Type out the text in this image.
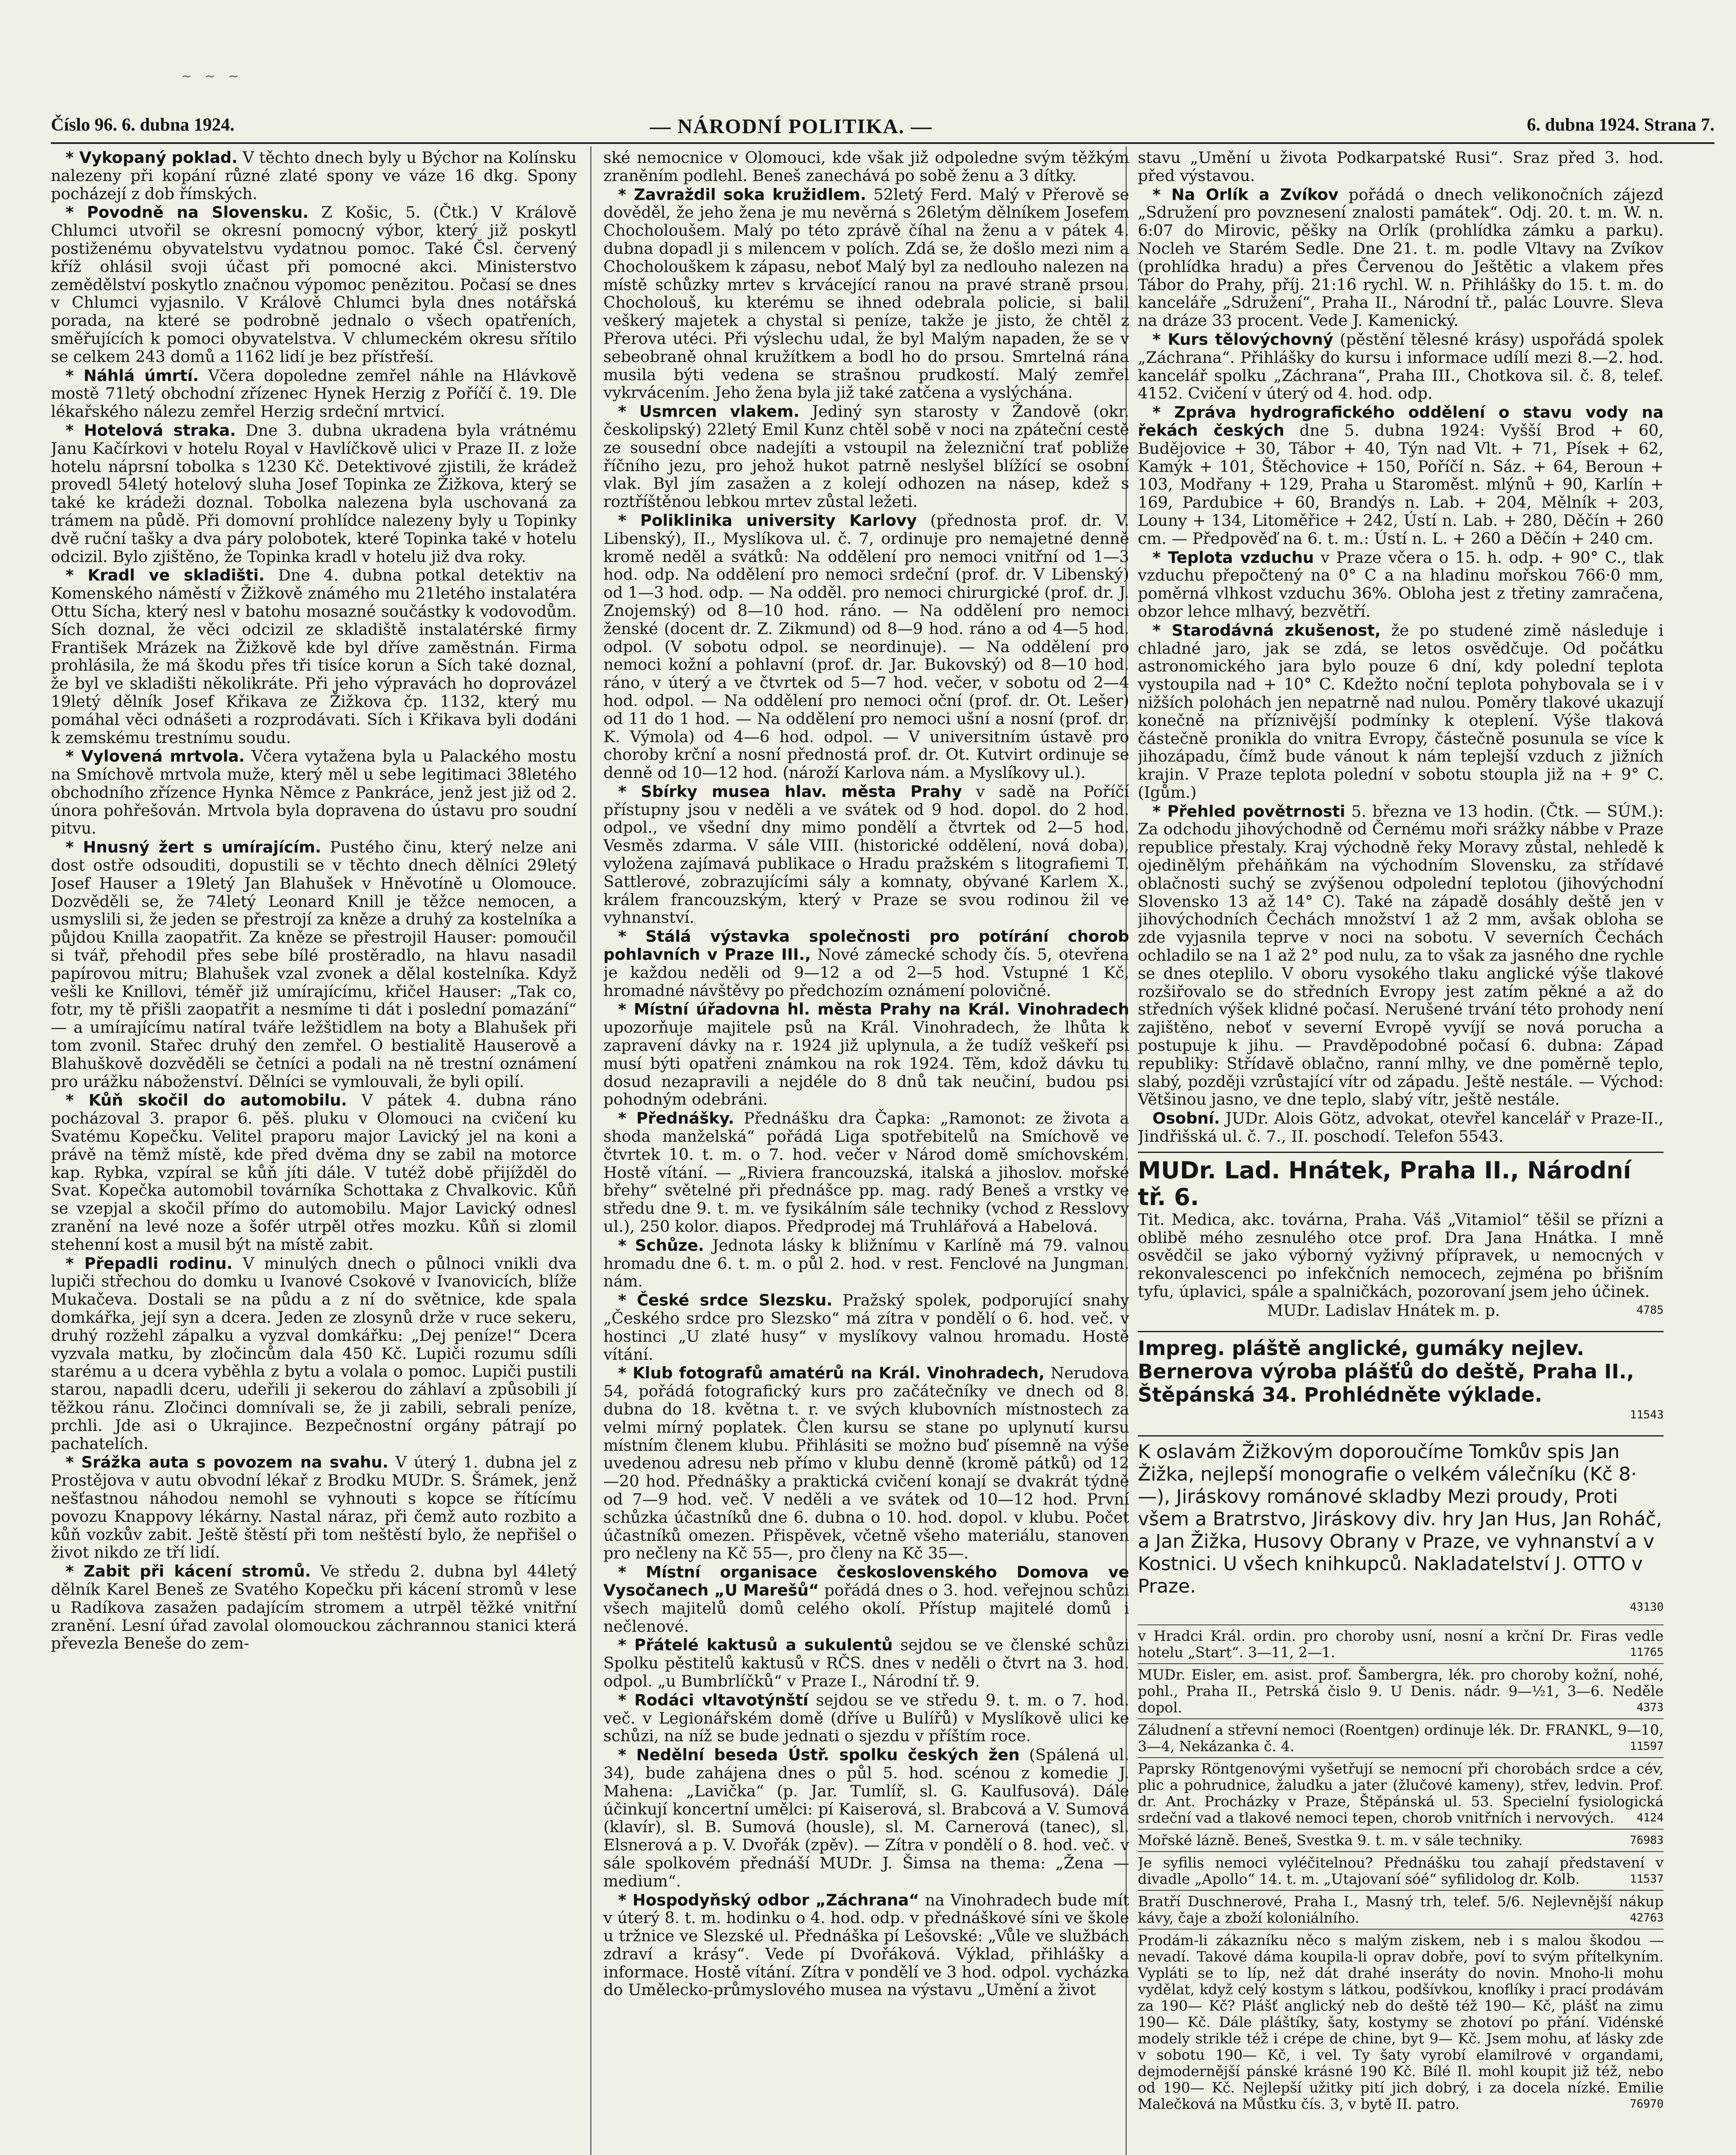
~ ~ ~
Číslo 96. 6. dubna 1924.	— NÁRODNÍ POLITIKA. —	6. dubna 1924. Strana 7.

* Vykopaný poklad. V těchto dnech byly u Býchor na Kolínsku nalezeny při kopání různé zlaté spony ve váze 16 dkg. Spony pocházejí z dob římských.

* Povodně na Slovensku. Z Košic, 5. (Čtk.) V Králově Chlumci utvořil se okresní pomocný výbor, který již poskytl postiženému obyvatelstvu vydatnou pomoc. Také Čsl. červený kříž ohlásil svoji účast při pomocné akci. Ministerstvo zemědělství poskytlo značnou výpomoc penězitou. Počasí se dnes v Chlumci vyjasnilo. V Králově Chlumci byla dnes notářská porada, na které se podrobně jednalo o všech opatřeních, směřujících k pomoci obyvatelstva. V chlumeckém okresu sřítilo se celkem 243 domů a 1162 lidí je bez přístřeší.

* Náhlá úmrtí. Včera dopoledne zemřel náhle na Hlávkově mostě 71letý obchodní zřízenec Hynek Herzig z Poříčí č. 19. Dle lékařského nálezu zemřel Herzig srdeční mrtvicí.

* Hotelová straka. Dne 3. dubna ukradena byla vrátnému Janu Kačírkovi v hotelu Royal v Havlíčkově ulici v Praze II. z lože hotelu náprsní tobolka s 1230 Kč. Detektivové zjistili, že krádež provedl 54letý hotelový sluha Josef Topinka ze Žižkova, který se také ke krádeži doznal. Tobolka nalezena byla uschovaná za trámem na půdě. Při domovní prohlídce nalezeny byly u Topinky dvě ruční tašky a dva páry polobotek, které Topinka také v hotelu odcizil. Bylo zjištěno, že Topinka kradl v hotelu již dva roky.

* Kradl ve skladišti. Dne 4. dubna potkal detektiv na Komenského náměstí v Žižkově známého mu 21letého instalatéra Ottu Sícha, který nesl v batohu mosazné součástky k vodovodům. Sích doznal, že věci odcizil ze skladiště instalatérské firmy František Mrázek na Žižkově kde byl dříve zaměstnán. Firma prohlásila, že má škodu přes tři tisíce korun a Sích také doznal, že byl ve skladišti několikráte. Při jeho výpravách ho doprovázel 19letý dělník Josef Křikava ze Žižkova čp. 1132, který mu pomáhal věci odnášeti a rozprodávati. Sích i Křikava byli dodáni k zemskému trestnímu soudu.

* Vylovená mrtvola. Včera vytažena byla u Palackého mostu na Smíchově mrtvola muže, který měl u sebe legitimaci 38letého obchodního zřízence Hynka Němce z Pankráce, jenž jest již od 2. února pohřešován. Mrtvola byla dopravena do ústavu pro soudní pitvu.

* Hnusný žert s umírajícím. Pustého činu, který nelze ani dost ostře odsouditi, dopustili se v těchto dnech dělníci 29letý Josef Hauser a 19letý Jan Blahušek v Hněvotíně u Olomouce. Dozvěděli se, že 74letý Leonard Knill je těžce nemocen, a usmyslili si, že jeden se přestrojí za kněze a druhý za kostelníka a půjdou Knilla zaopatřit. Za kněze se přestrojil Hauser: pomoučil si tvář, přehodil přes sebe bílé prostěradlo, na hlavu nasadil papírovou mitru; Blahušek vzal zvonek a dělal kostelníka. Když vešli ke Knillovi, téměř již umírajícímu, křičel Hauser: „Tak co, fotr, my tě přišli zaopatřit a nesmíme ti dát i poslední pomazání“ — a umírajícímu natíral tváře ležštidlem na boty a Blahušek při tom zvonil. Stařec druhý den zemřel. O bestialitě Hauserově a Blahuškově dozvěděli se četníci a podali na ně trestní oznámení pro urážku náboženství. Dělníci se vymlouvali, že byli opilí.

* Kůň skočil do automobilu. V pátek 4. dubna ráno pocházoval 3. prapor 6. pěš. pluku v Olomouci na cvičení ku Svatému Kopečku. Velitel praporu major Lavický jel na koni a právě na těmž místě, kde před dvěma dny se zabil na motorce kap. Rybka, vzpíral se kůň jíti dále. V tutéž době přijížděl do Svat. Kopečka automobil továrníka Schottaka z Chvalkovic. Kůň se vzepjal a skočil přímo do automobilu. Major Lavický odnesl zranění na levé noze a šofér utrpěl otřes mozku. Kůň si zlomil stehenní kost a musil být na místě zabit.

* Přepadli rodinu. V minulých dnech o půlnoci vnikli dva lupiči střechou do domku u Ivanové Csokové v Ivanovicích, blíže Mukačeva. Dostali se na půdu a z ní do světnice, kde spala domkářka, její syn a dcera. Jeden ze zlosynů drže v ruce sekeru, druhý rozžehl zápalku a vyzval domkářku: „Dej peníze!“ Dcera vyzvala matku, by zločincům dala 450 Kč. Lupiči rozumu sdíli starému a u dcera vyběhla z bytu a volala o pomoc. Lupiči pustili starou, napadli dceru, udeřili ji sekerou do záhlaví a způsobili jí těžkou ránu. Zločinci domnívali se, že ji zabili, sebrali peníze, prchli. Jde asi o Ukrajince. Bezpečnostní orgány pátrají po pachatelích.

* Srážka auta s povozem na svahu. V úterý 1. dubna jel z Prostějova v autu obvodní lékař z Brodku MUDr. S. Šrámek, jenž nešťastnou náhodou nemohl se vyhnouti s kopce se řítícímu povozu Knappovy lékárny. Nastal náraz, při čemž auto rozbito a kůň vozkův zabit. Ještě štěstí při tom neštěstí bylo, že nepřišel o život nikdo ze tří lidí.

* Zabit při kácení stromů. Ve středu 2. dubna byl 44letý dělník Karel Beneš ze Svatého Kopečku při kácení stromů v lese u Radíkova zasažen padajícím stromem a utrpěl těžké vnitřní zranění. Lesní úřad zavolal olomouckou záchrannou stanici která převezla Beneše do zem-

ské nemocnice v Olomouci, kde však již odpoledne svým těžkým zraněním podlehl. Beneš zanechává po sobě ženu a 3 dítky.

* Zavraždil soka kružidlem. 52letý Ferd. Malý v Přerově se dověděl, že jeho žena je mu nevěrná s 26letým dělníkem Josefem Chocholoušem. Malý po této zprávě číhal na ženu a v pátek 4. dubna dopadl ji s milencem v polích. Zdá se, že došlo mezi nim a Chocholouškem k zápasu, neboť Malý byl za nedlouho nalezen na místě schůzky mrtev s krvácející ranou na pravé straně prsou. Chocholouš, ku kterému se ihned odebrala policie, si balil veškerý majetek a chystal si peníze, takže je jisto, že chtěl z Přerova utéci. Při výslechu udal, že byl Malým napaden, že se v sebeobraně ohnal kružítkem a bodl ho do prsou. Smrtelná rána musila býti vedena se strašnou prudkostí. Malý zemřel vykrvácením. Jeho žena byla již také zatčena a vyslýchána.

* Usmrcen vlakem. Jediný syn starosty v Žandově (okr. českolipský) 22letý Emil Kunz chtěl sobě v noci na zpáteční cestě ze sousední obce nadejíti a vstoupil na železniční trať pobliže říčního jezu, pro jehož hukot patrně neslyšel blížící se osobní vlak. Byl jím zasažen a z kolejí odhozen na násep, kdež s roztříštěnou lebkou mrtev zůstal ležeti.

* Poliklinika university Karlovy (přednosta prof. dr. V. Libenský), II., Myslíkova ul. č. 7, ordinuje pro nemajetné denně kromě neděl a svátků: Na oddělení pro nemoci vnitřní od 1—3 hod. odp. Na oddělení pro nemoci srdeční (prof. dr. V Libenský) od 1—3 hod. odp. — Na odděl. pro nemoci chirurgické (prof. dr. J. Znojemský) od 8—10 hod. ráno. — Na oddělení pro nemoci ženské (docent dr. Z. Zikmund) od 8—9 hod. ráno a od 4—5 hod. odpol. (V sobotu odpol. se neordinuje). — Na oddělení pro nemoci kožní a pohlavní (prof. dr. Jar. Bukovský) od 8—10 hod. ráno, v úterý a ve čtvrtek od 5—7 hod. večer, v sobotu od 2—4 hod. odpol. — Na oddělení pro nemoci oční (prof. dr. Ot. Lešer) od 11 do 1 hod. — Na oddělení pro nemoci ušní a nosní (prof. dr. K. Výmola) od 4—6 hod. odpol. — V universitním ústavě pro choroby krční a nosní přednostá prof. dr. Ot. Kutvirt ordinuje se denně od 10—12 hod. (nároží Karlova nám. a Myslíkovy ul.).

* Sbírky musea hlav. města Prahy v sadě na Poříčí přístupny jsou v neděli a ve svátek od 9 hod. dopol. do 2 hod. odpol., ve všední dny mimo pondělí a čtvrtek od 2—5 hod. Vesměs zdarma. V sále VIII. (historické oddělení, nová doba), vyložena zajímavá publikace o Hradu pražském s litografiemi T. Sattlerové, zobrazujícími sály a komnaty, obývané Karlem X., králem francouzským, který v Praze se svou rodinou žil ve vyhnanství.

* Stálá výstavka společnosti pro potírání chorob pohlavních v Praze III., Nové zámecké schody čís. 5, otevřena je každou neděli od 9—12 a od 2—5 hod. Vstupné 1 Kč, hromadné návštěvy po předchozím oznámení polovičné.

* Místní úřadovna hl. města Prahy na Král. Vinohradech upozorňuje majitele psů na Král. Vinohradech, že lhůta k zapravení dávky na r. 1924 již uplynula, a že tudíž veškeří psi musí býti opatřeni známkou na rok 1924. Těm, kdož dávku tu dosud nezapravili a nejdéle do 8 dnů tak neučiní, budou psi pohodným odebráni.

* Přednášky. Přednášku dra Čapka: „Ramonot: ze života a shoda manželská“ pořádá Liga spotřebitelů na Smíchově ve čtvrtek 10. t. m. o 7. hod. večer v Národ domě smíchovském. Hostě vítání. — „Riviera francouzská, italská a jihoslov. mořské břehy“ světelné při přednášce pp. mag. radý Beneš a vrstky ve středu dne 9. t. m. ve fysikálním sále techniky (vchod z Resslovy ul.), 250 kolor. diapos. Předprodej má Truhlářová a Habelová.

* Schůze. Jednota lásky k bližnímu v Karlíně má 79. valnou hromadu dne 6. t. m. o půl 2. hod. v rest. Fenclové na Jungman. nám.

* České srdce Slezsku. Pražský spolek, podporující snahy „Českého srdce pro Slezsko“ má zítra v pondělí o 6. hod. več. v hostinci „U zlaté husy“ v myslíkovy valnou hromadu. Hostě vítání.

* Klub fotografů amatérů na Král. Vinohradech, Nerudova 54, pořádá fotografický kurs pro začátečníky ve dnech od 8. dubna do 18. května t. r. ve svých klubovních místnostech za velmi mírný poplatek. Člen kursu se stane po uplynutí kursu místním členem klubu. Přihlásiti se možno buď písemně na výše uvedenou adresu neb přímo v klubu denně (kromě pátků) od 12—20 hod. Přednášky a praktická cvičení konají se dvakrát týdně od 7—9 hod. več. V neděli a ve svátek od 10—12 hod. První schůzka účastníků dne 6. dubna o 10. hod. dopol. v klubu. Počet účastníků omezen. Přispěvek, včetně všeho materiálu, stanoven pro nečleny na Kč 55—, pro členy na Kč 35—.

* Místní organisace československého Domova ve Vysočanech „U Marešů“ pořádá dnes o 3. hod. veřejnou schůzi všech majitelů domů celého okolí. Přístup majitelé domů i nečlenové.

* Přátelé kaktusů a sukulentů sejdou se ve členské schůzi Spolku pěstitelů kaktusů v RČS. dnes v neděli o čtvrt na 3. hod. odpol. „u Bumbrlíčků“ v Praze I., Národní tř. 9.

* Rodáci vltavotýnští sejdou se ve středu 9. t. m. o 7. hod. več. v Legionářském domě (dříve u Bulířů) v Myslíkově ulici ke schůzi, na níž se bude jednati o sjezdu v příštím roce.

* Nedělní beseda Ústř. spolku českých žen (Spálená ul. 34), bude zahájena dnes o půl 5. hod. scénou z komedie J. Mahena: „Lavička“ (p. Jar. Tumlíř, sl. G. Kaulfusová). Dále účinkují koncertní umělci: pí Kaiserová, sl. Brabcová a V. Sumová (klavír), sl. B. Sumová (housle), sl. M. Carnerová (tanec), sl. Elsnerová a p. V. Dvořák (zpěv). — Zítra v pondělí o 8. hod. več. v sále spolkovém přednáší MUDr. J. Šimsa na thema: „Žena — medium“.

* Hospodyňský odbor „Záchrana“ na Vinohradech bude mít v úterý 8. t. m. hodinku o 4. hod. odp. v přednáškové síni ve škole u tržnice ve Slezské ul. Přednáška pí Lešovské: „Vůle ve službách zdraví a krásy“. Vede pí Dvořáková. Výklad, přihlášky a informace. Hostě vítání. Zítra v pondělí ve 3 hod. odpol. vycházka do Umělecko-průmyslového musea na výstavu „Umění a život

stavu „Umění u života Podkarpatské Rusi“. Sraz před 3. hod. před výstavou.

* Na Orlík a Zvíkov pořádá o dnech velikonočních zájezd „Sdružení pro povznesení znalosti památek“. Odj. 20. t. m. W. n. 6:07 do Mirovic, pěšky na Orlík (prohlídka zámku a parku). Nocleh ve Starém Sedle. Dne 21. t. m. podle Vltavy na Zvíkov (prohlídka hradu) a přes Červenou do Ještětic a vlakem přes Tábor do Prahy, příj. 21:16 rychl. W. n. Přihlášky do 15. t. m. do kanceláře „Sdružení“, Praha II., Národní tř., palác Louvre. Sleva na dráze 33 procent. Vede J. Kamenický.

* Kurs tělovýchovný (pěstění tělesné krásy) uspořádá spolek „Záchrana“. Přihlášky do kursu i informace udílí mezi 8.—2. hod. kancelář spolku „Záchrana“, Praha III., Chotkova sil. č. 8, telef. 4152. Cvičení v úterý od 4. hod. odp.

* Zpráva hydrografického oddělení o stavu vody na řekách českých dne 5. dubna 1924: Vyšší Brod + 60, Budějovice + 30, Tábor + 40, Týn nad Vlt. + 71, Písek + 62, Kamýk + 101, Štěchovice + 150, Poříčí n. Sáz. + 64, Beroun + 103, Modřany + 129, Praha u Staroměst. mlýnů + 90, Karlín + 169, Pardubice + 60, Brandýs n. Lab. + 204, Mělník + 203, Louny + 134, Litoměřice + 242, Ústí n. Lab. + 280, Děčín + 260 cm. — Předpověď na 6. t. m.: Ústí n. L. + 260 a Děčín + 240 cm.

* Teplota vzduchu v Praze včera o 15. h. odp. + 90° C., tlak vzduchu přepočtený na 0° C a na hladinu mořskou 766·0 mm, poměrná vlhkost vzduchu 36%. Obloha jest z třetiny zamračena, obzor lehce mlhavý, bezvětří.

* Starodávná zkušenost, že po studené zimě následuje i chladné jaro, jak se zdá, se letos osvědčuje. Od počátku astronomického jara bylo pouze 6 dní, kdy polední teplota vystoupila nad + 10° C. Kdežto noční teplota pohybovala se i v nižších polohách jen nepatrně nad nulou. Poměry tlakové ukazují konečně na příznivější podmínky k oteplení. Výše tlaková částečně pronikla do vnitra Evropy, částečně posunula se více k jihozápadu, čímž bude vánout k nám teplejší vzduch z jižních krajin. V Praze teplota polední v sobotu stoupla již na + 9° C. (Igům.)

* Přehled povětrnosti 5. března ve 13 hodin. (Čtk. — SÚM.): Za odchodu jihovýchodně od Černému moři srážky nábbe v Praze republice přestaly. Kraj východně řeky Moravy zůstal, nehledě k ojedinělým přeháňkám na východním Slovensku, za střídavé oblačnosti suchý se zvýšenou odpolední teplotou (jihovýchodní Slovensko 13 až 14° C). Také na západě dosáhly deště jen v jihovýchodních Čechách množství 1 až 2 mm, avšak obloha se zde vyjasnila teprve v noci na sobotu. V severních Čechách ochladilo se na 1 až 2° pod nulu, za to však za jasného dne rychle se dnes oteplilo. V oboru vysokého tlaku anglické výše tlakové rozšiřovalo se do středních Evropy jest zatím pěkné a až do středních výšek klidné počasí. Nerušené trvání této prohody není zajištěno, neboť v severní Evropě vyvíjí se nová porucha a postupuje k jihu. — Pravděpodobné počasí 6. dubna: Západ republiky: Střídavě oblačno, ranní mlhy, ve dne poměrně teplo, slabý, později vzrůstající vítr od západu. Ještě nestále. — Východ: Většinou jasno, ve dne teplo, slabý vítr, ještě nestále.

Osobní. JUDr. Alois Götz, advokat, otevřel kancelář v Praze-II., Jindřišská ul. č. 7., II. poschodí. Telefon 5543.

MUDr. Lad. Hnátek, Praha II., Národní tř. 6.

Tit. Medica, akc. továrna, Praha. Váš „Vitamiol“ těšil se přízni a oblibě mého zesnulého otce prof. Dra Jana Hnátka. I mně osvědčil se jako výborný vyživný přípravek, u nemocných v rekonvalescenci po infekčních nemocech, zejména po břišním tyfu, úplavici, spále a spalničkách, pozorovaní jsem jeho účinek.

4785
MUDr. Ladislav Hnátek m. p.

Impreg. pláště anglické, gumáky nejlev. Bernerova výroba plášťů do deště, Praha II., Štěpánská 34. Prohlédněte výklade.

11543

K oslavám Žižkovým doporoučíme Tomkův spis Jan Žižka, nejlepší monografie o velkém válečníku (Kč 8·—), Jiráskovy románové skladby Mezi proudy, Proti všem a Bratrstvo, Jiráskovy div. hry Jan Hus, Jan Roháč, a Jan Žižka, Husovy Obrany v Praze, ve vyhnanství a v Kostnici. U všech knihkupců. Nakladatelství J. OTTO v Praze.

43130

v Hradci Král. ordin. pro choroby usní, nosní a krční Dr. Firas vedle hotelu „Start“. 3—11, 2—1.	11765
MUDr. Eisler, em. asist. prof. Šambergra, lék. pro choroby kožní, nohé, pohl., Praha II., Petrská čislo 9. U Denis. nádr. 9—½1, 3—6. Neděle dopol.	4373
Záludnení a střevní nemoci (Roentgen) ordinuje lék. Dr. FRANKL, 9—10, 3—4, Nekázanka č. 4.	11597
Paprsky Röntgenovými vyšetřují se nemocní při chorobách srdce a cév, plic a pohrudnice, žaludku a jater (žlučové kameny), střev, ledvin. Prof. dr. Ant. Procházky v Praze, Štěpánská ul. 53. Specielní fysiologická srdeční vad a tlakové nemoci tepen, chorob vnitřních i nervových. 4124
Mořské lázně. Beneš, Svestka 9. t. m. v sále techniky.	76983
Je syfilis nemoci vyléčitelnou? Přednášku tou zahají představení v divadle „Apollo“ 14. t. m. „Utajovaní sóé“ syfilidolog dr. Kolb.	11537
Bratří Duschnerové, Praha I., Masný trh, telef. 5/6. Nejlevnější nákup kávy, čaje a zboží koloniálního.	42763
Prodám-li zákazníku něco s malým ziskem, neb i s malou škodou — nevadí. Takové dáma koupila-li oprav dobře, poví to svým přítelkyním. Vypláti se to líp, než dát drahé inseráty do novin. Mnoho-li mohu vydělat, když celý kostym s látkou, podšívkou, knoflíky i prací prodávám za 190— Kč? Plášť anglický neb do deště též 190— Kč, plášť na zimu 190— Kč. Dále pláštíky, šaty, kostymy se zhotoví po přání. Vidénské modely strikle též i crépe de chine, byt 9— Kč. Jsem mohu, ať lásky zde v sobotu 190— Kč, i vel. Ty šaty vyrobí elamilrové v organdami, dejmodernější pánské krásné 190 Kč. Bílé Il. mohl koupit již též, nebo od 190— Kč. Nejlepší užitky pití jich dobrý, i za docela nízké. Emilie Malečková na Můstku čís. 3, v bytě II. patro.	76970
